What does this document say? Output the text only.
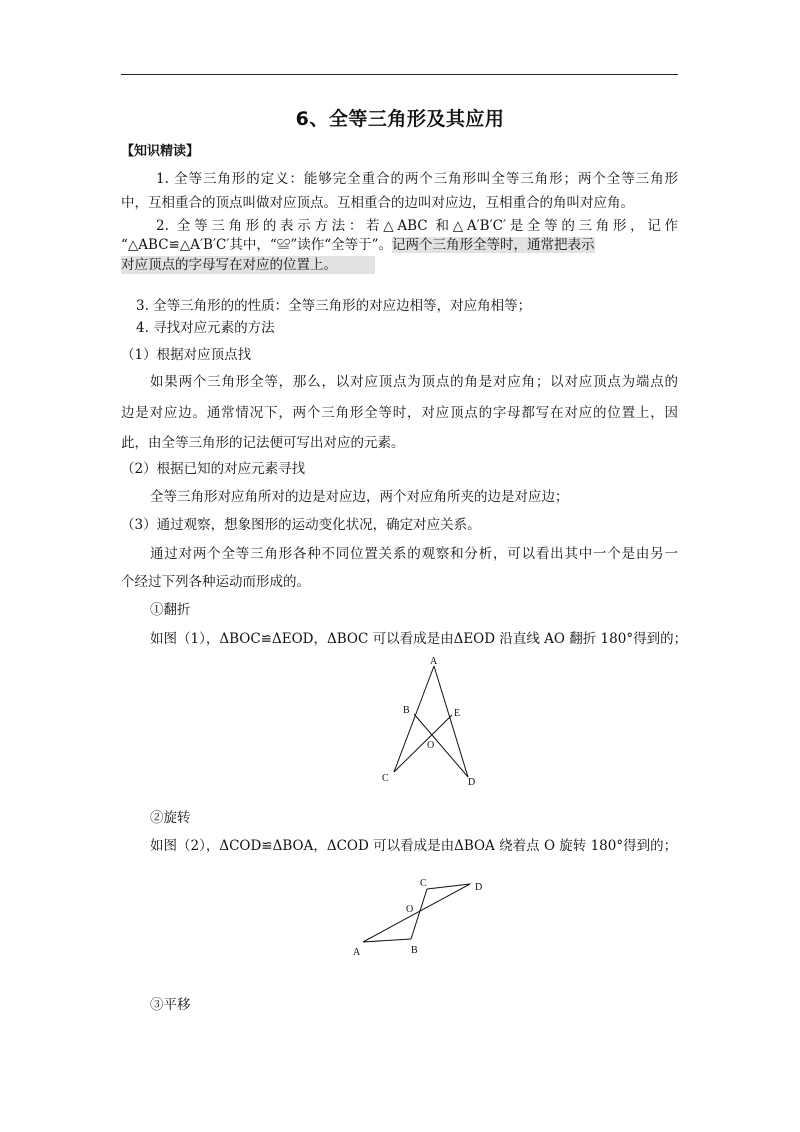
6、全等三角形及其应用
【知识精读】
1. 全等三角形的定义：能够完全重合的两个三角形叫全等三角形；两个全等三角形
中，互相重合的顶点叫做对应顶点。互相重合的边叫对应边，互相重合的角叫对应角。
2. 全等三角形的表示方法：若△ABC 和△A′B′C′是全等的三角形，记作
“△ABC≌△A′B′C′其中，“≌”读作“全等于”。记两个三角形全等时，通常把表示
对应顶点的字母写在对应的位置上。
3. 全等三角形的的性质：全等三角形的对应边相等，对应角相等；
4. 寻找对应元素的方法
（1）根据对应顶点找
如果两个三角形全等，那么，以对应顶点为顶点的角是对应角；以对应顶点为端点的
边是对应边。通常情况下，两个三角形全等时，对应顶点的字母都写在对应的位置上，因
此，由全等三角形的记法便可写出对应的元素。
（2）根据已知的对应元素寻找
全等三角形对应角所对的边是对应边，两个对应角所夹的边是对应边；
（3）通过观察，想象图形的运动变化状况，确定对应关系。
通过对两个全等三角形各种不同位置关系的观察和分析，可以看出其中一个是由另一
个经过下列各种运动而形成的。
①翻折
如图（1），ΔBOC≌ΔEOD，ΔBOC 可以看成是由ΔEOD 沿直线 AO 翻折 180°得到的；
A
B	E
O
C	D
②旋转
如图（2），ΔCOD≌ΔBOA，ΔCOD 可以看成是由ΔBOA 绕着点 O 旋转 180°得到的；
C	D
O
A	B
③平移
